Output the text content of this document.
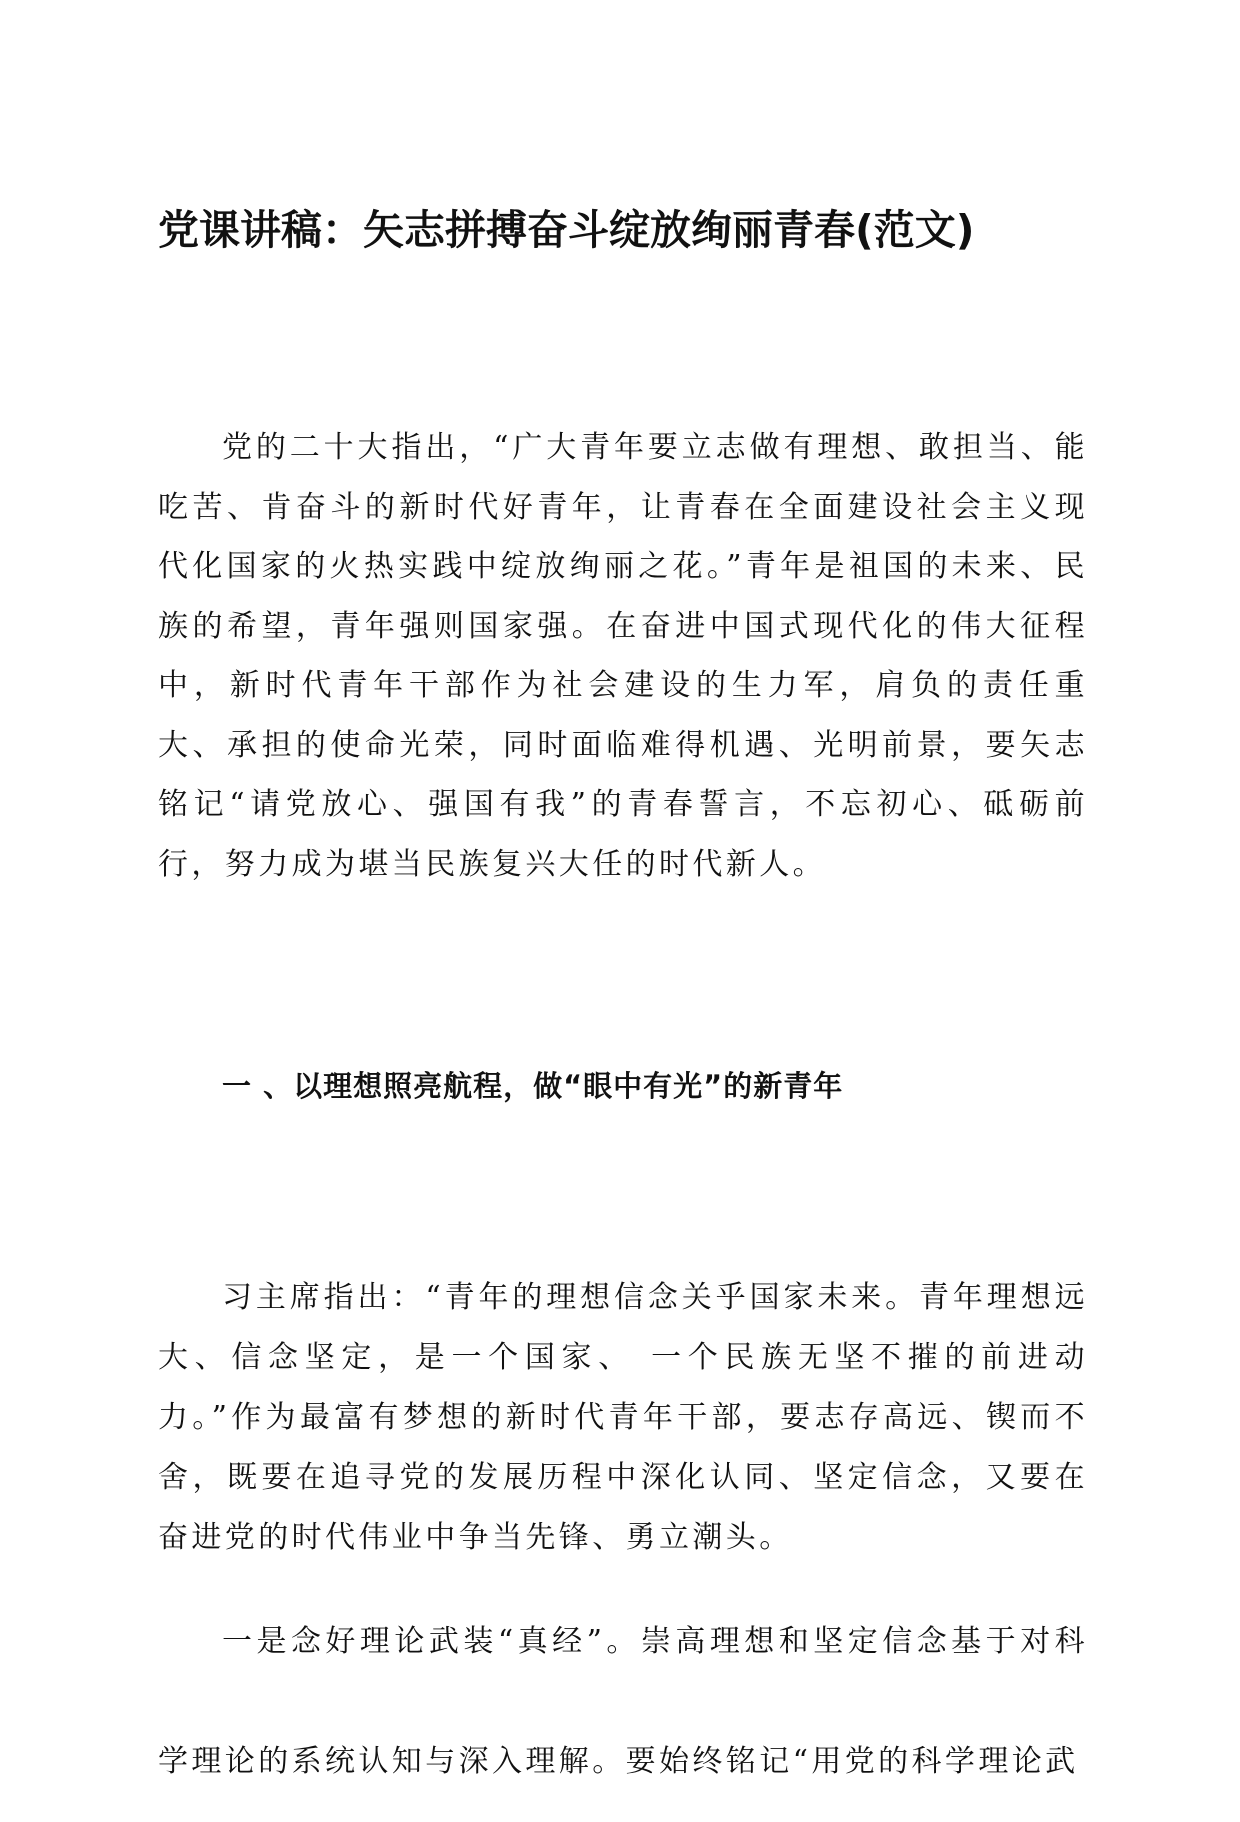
党课讲稿：矢志拼搏奋斗绽放绚丽青春(范文)

党的二十大指出，“广大青年要立志做有理想、敢担当、能吃苦、肯奋斗的新时代好青年，让青春在全面建设社会主义现代化国家的火热实践中绽放绚丽之花。”青年是祖国的未来、民族的希望，青年强则国家强。在奋进中国式现代化的伟大征程中，新时代青年干部作为社会建设的生力军，肩负的责任重大、承担的使命光荣，同时面临难得机遇、光明前景，要矢志铭记“请党放心、强国有我”的青春誓言，不忘初心、砥砺前行，努力成为堪当民族复兴大任的时代新人。

一 、以理想照亮航程，做“眼中有光”的新青年

习主席指出：“青年的理想信念关乎国家未来。青年理想远大、信念坚定，是一个国家、 一个民族无坚不摧的前进动力。”作为最富有梦想的新时代青年干部，要志存高远、锲而不舍，既要在追寻党的发展历程中深化认同、坚定信念，又要在奋进党的时代伟业中争当先锋、勇立潮头。

一是念好理论武装“真经”。崇高理想和坚定信念基于对科学理论的系统认知与深入理解。要始终铭记“用党的科学理论武
